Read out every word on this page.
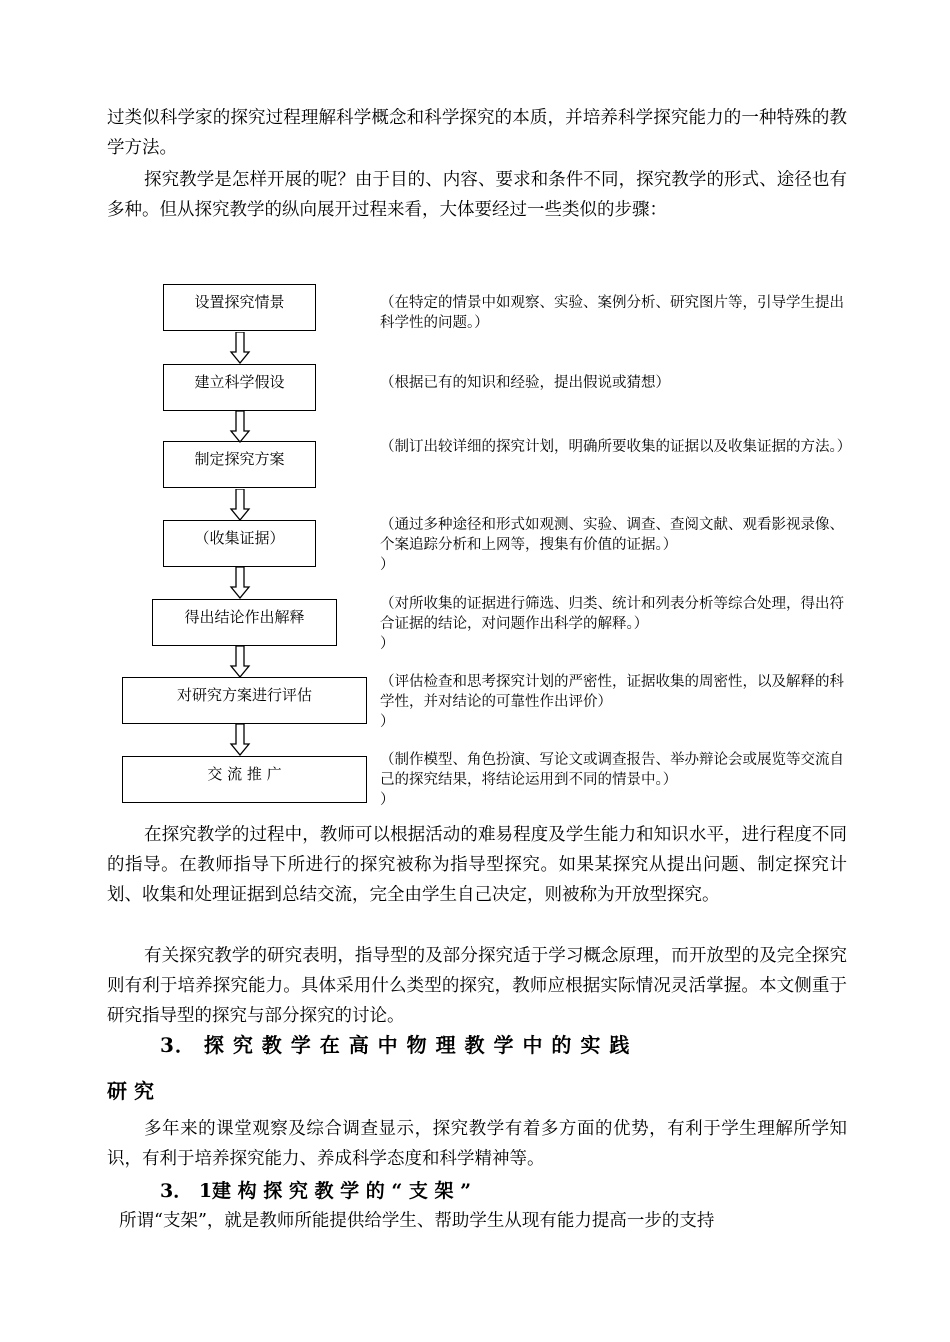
过类似科学家的探究过程理解科学概念和科学探究的本质，并培养科学探究能力的一种特殊的教学方法。

探究教学是怎样开展的呢？由于目的、内容、要求和条件不同，探究教学的形式、途径也有多种。但从探究教学的纵向展开过程来看，大体要经过一些类似的步骤：

设置探究情景
建立科学假设
制定探究方案
（收集证据）
得出结论作出解释
对研究方案进行评估
交 流 推 广

（在特定的情景中如观察、实验、案例分析、研究图片等，引导学生提出科学性的问题。）

（根据已有的知识和经验，提出假说或猜想）

（制订出较详细的探究计划，明确所要收集的证据以及收集证据的方法。）

（通过多种途径和形式如观测、实验、调查、查阅文献、观看影视录像、个案追踪分析和上网等，搜集有价值的证据。）
）

（对所收集的证据进行筛选、归类、统计和列表分析等综合处理，得出符合证据的结论，对问题作出科学的解释。）
）

（评估检查和思考探究计划的严密性，证据收集的周密性，以及解释的科学性，并对结论的可靠性作出评价）
）

（制作模型、角色扮演、写论文或调查报告、举办辩论会或展览等交流自己的探究结果，将结论运用到不同的情景中。）
）

在探究教学的过程中，教师可以根据活动的难易程度及学生能力和知识水平，进行程度不同的指导。在教师指导下所进行的探究被称为指导型探究。如果某探究从提出问题、制定探究计划、收集和处理证据到总结交流，完全由学生自己决定，则被称为开放型探究。

有关探究教学的研究表明，指导型的及部分探究适于学习概念原理，而开放型的及完全探究则有利于培养探究能力。具体采用什么类型的探究，教师应根据实际情况灵活掌握。本文侧重于研究指导型的探究与部分探究的讨论。

3． 探 究 教 学 在 高 中 物 理 教 学 中 的 实 践

研 究

多年来的课堂观察及综合调查显示，探究教学有着多方面的优势，有利于学生理解所学知识，有利于培养探究能力、养成科学态度和科学精神等。

3． 1建 构 探 究 教 学 的 “ 支 架 ”

所谓“支架”，就是教师所能提供给学生、帮助学生从现有能力提高一步的支持
